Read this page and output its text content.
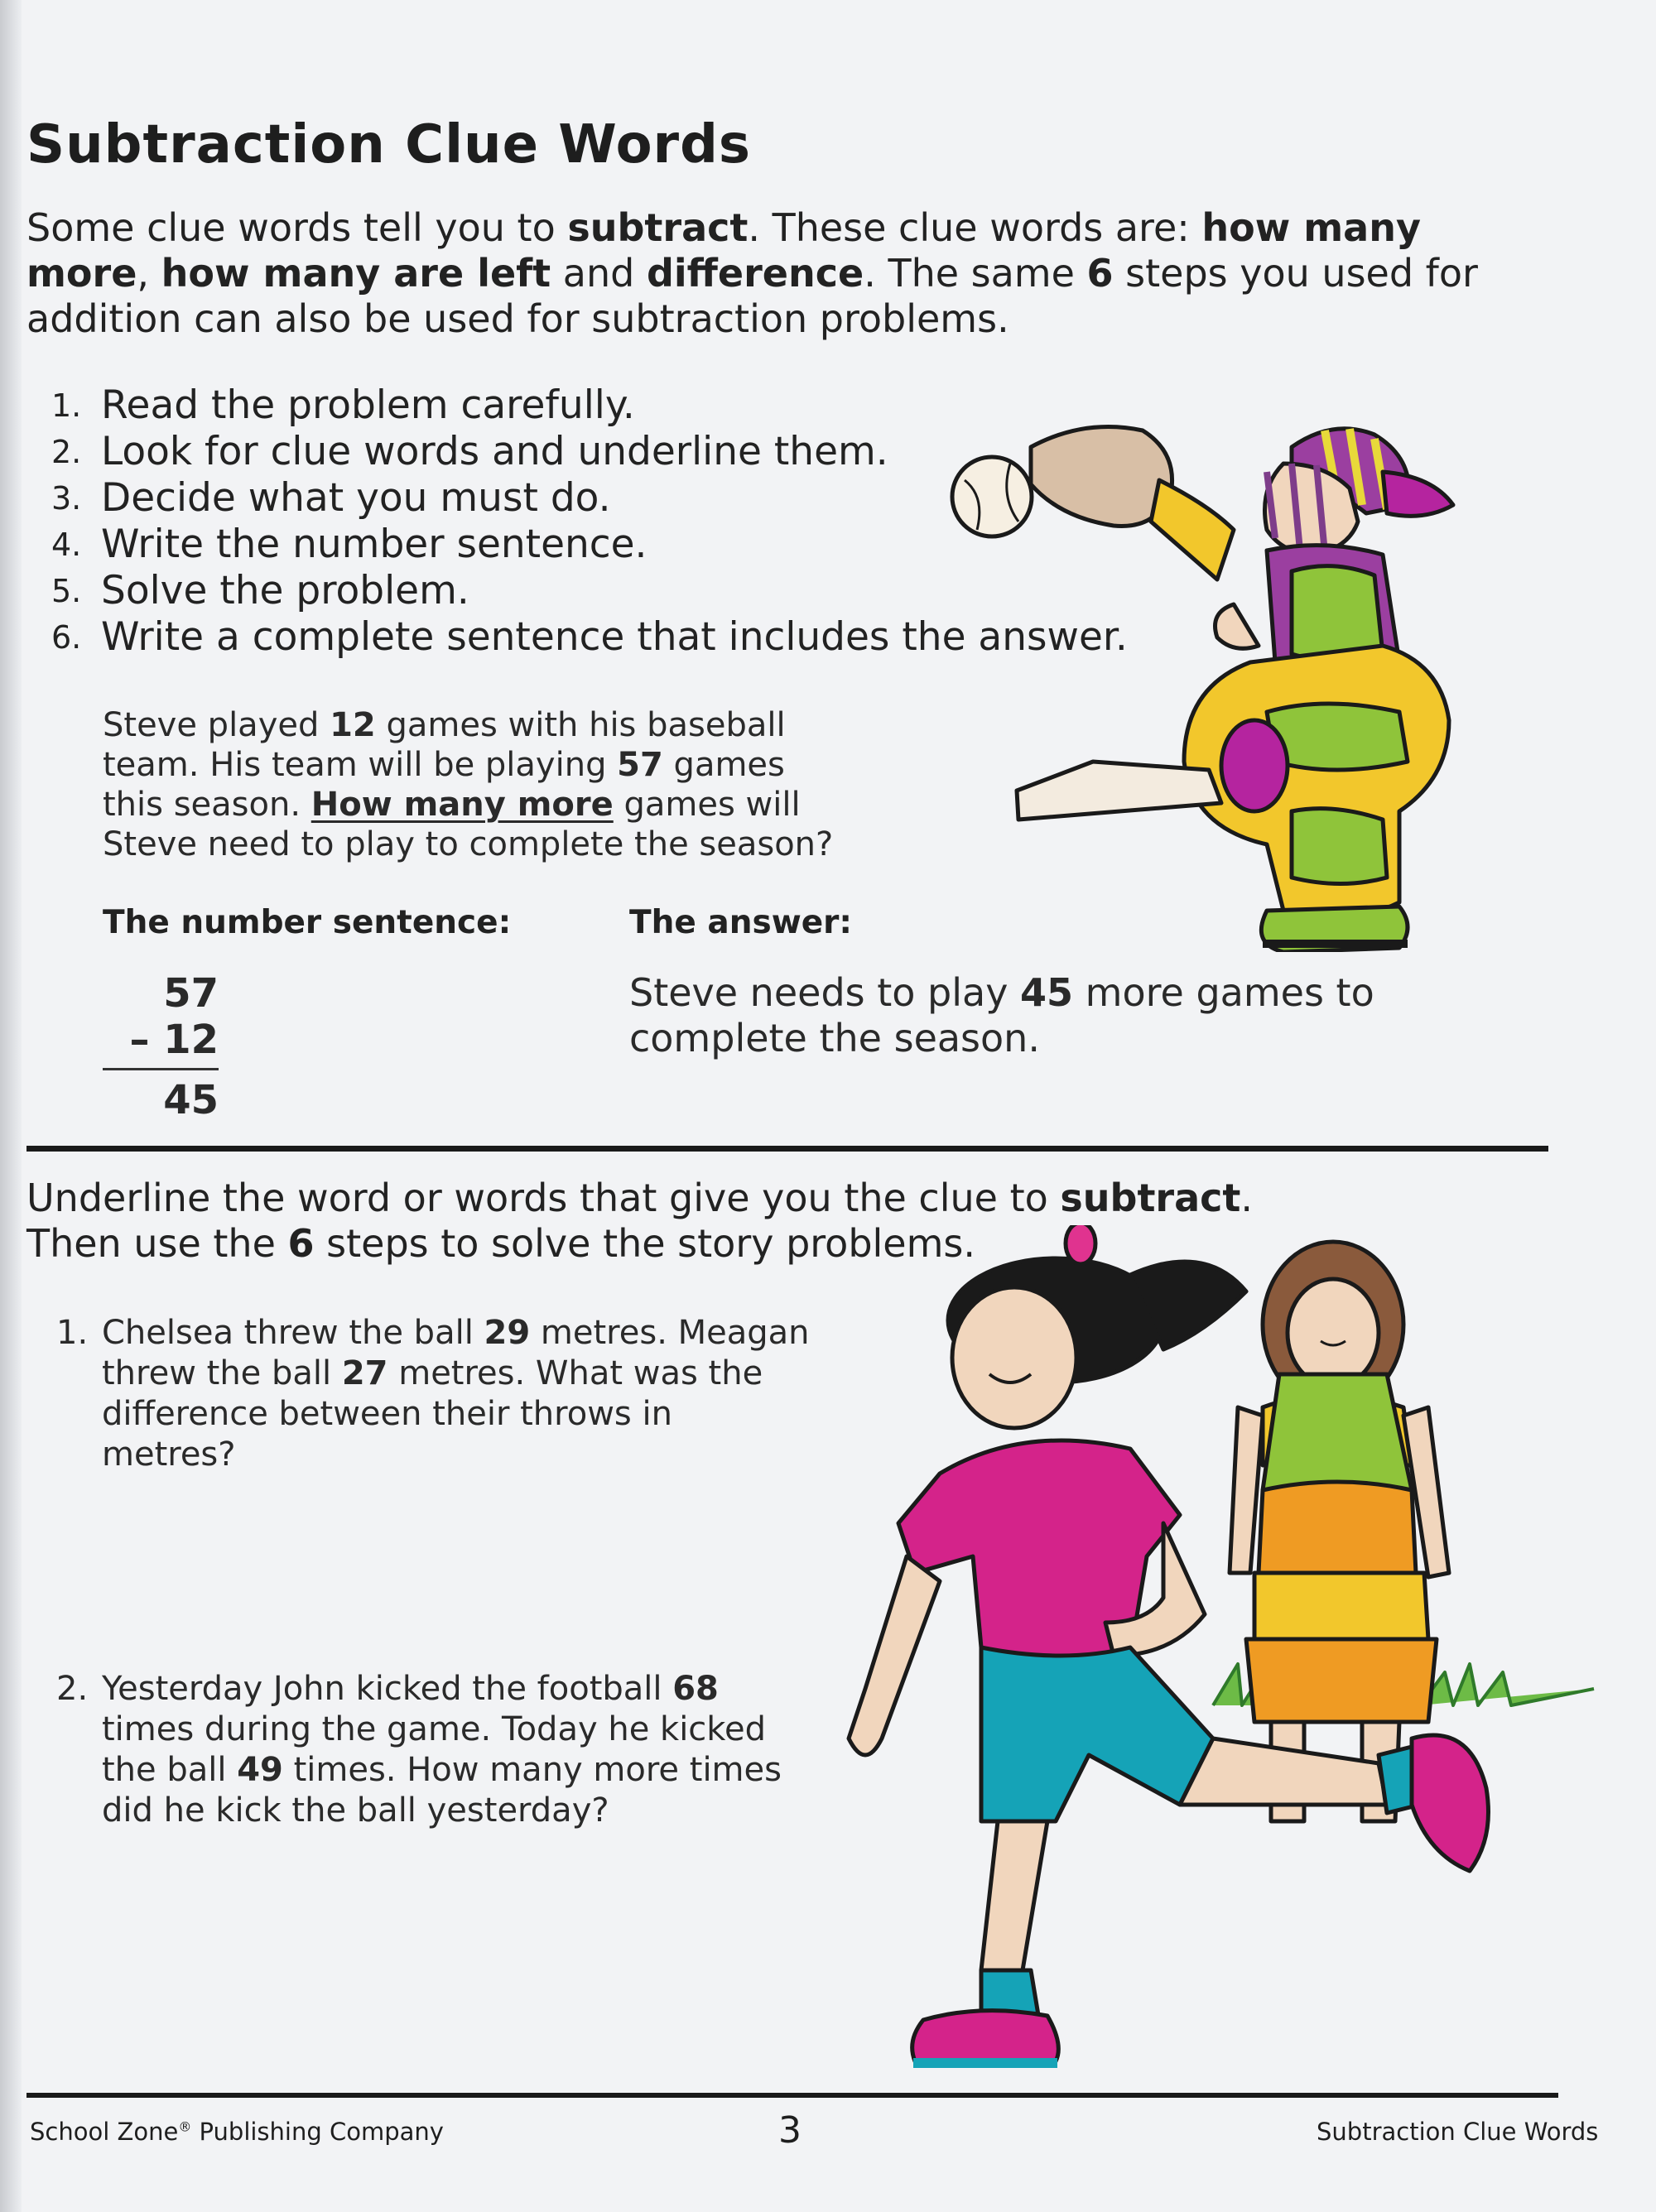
Subtraction Clue Words

Some clue words tell you to subtract. These clue words are: how many more, how many are left and difference. The same 6 steps you used for addition can also be used for subtraction problems.

1. Read the problem carefully.
2. Look for clue words and underline them.
3. Decide what you must do.
4. Write the number sentence.
5. Solve the problem.
6. Write a complete sentence that includes the answer.

Steve played 12 games with his baseball team. His team will be playing 57 games this season. How many more games will Steve need to play to complete the season?

The number sentence:	The answer:
57
– 12
45

Steve needs to play 45 more games to complete the season.

Underline the word or words that give you the clue to subtract.
Then use the 6 steps to solve the story problems.

1. Chelsea threw the ball 29 metres. Meagan threw the ball 27 metres. What was the difference between their throws in metres?
2. Yesterday John kicked the football 68 times during the game. Today he kicked the ball 49 times. How many more times did he kick the ball yesterday?
School Zone® Publishing Company	3	Subtraction Clue Words
